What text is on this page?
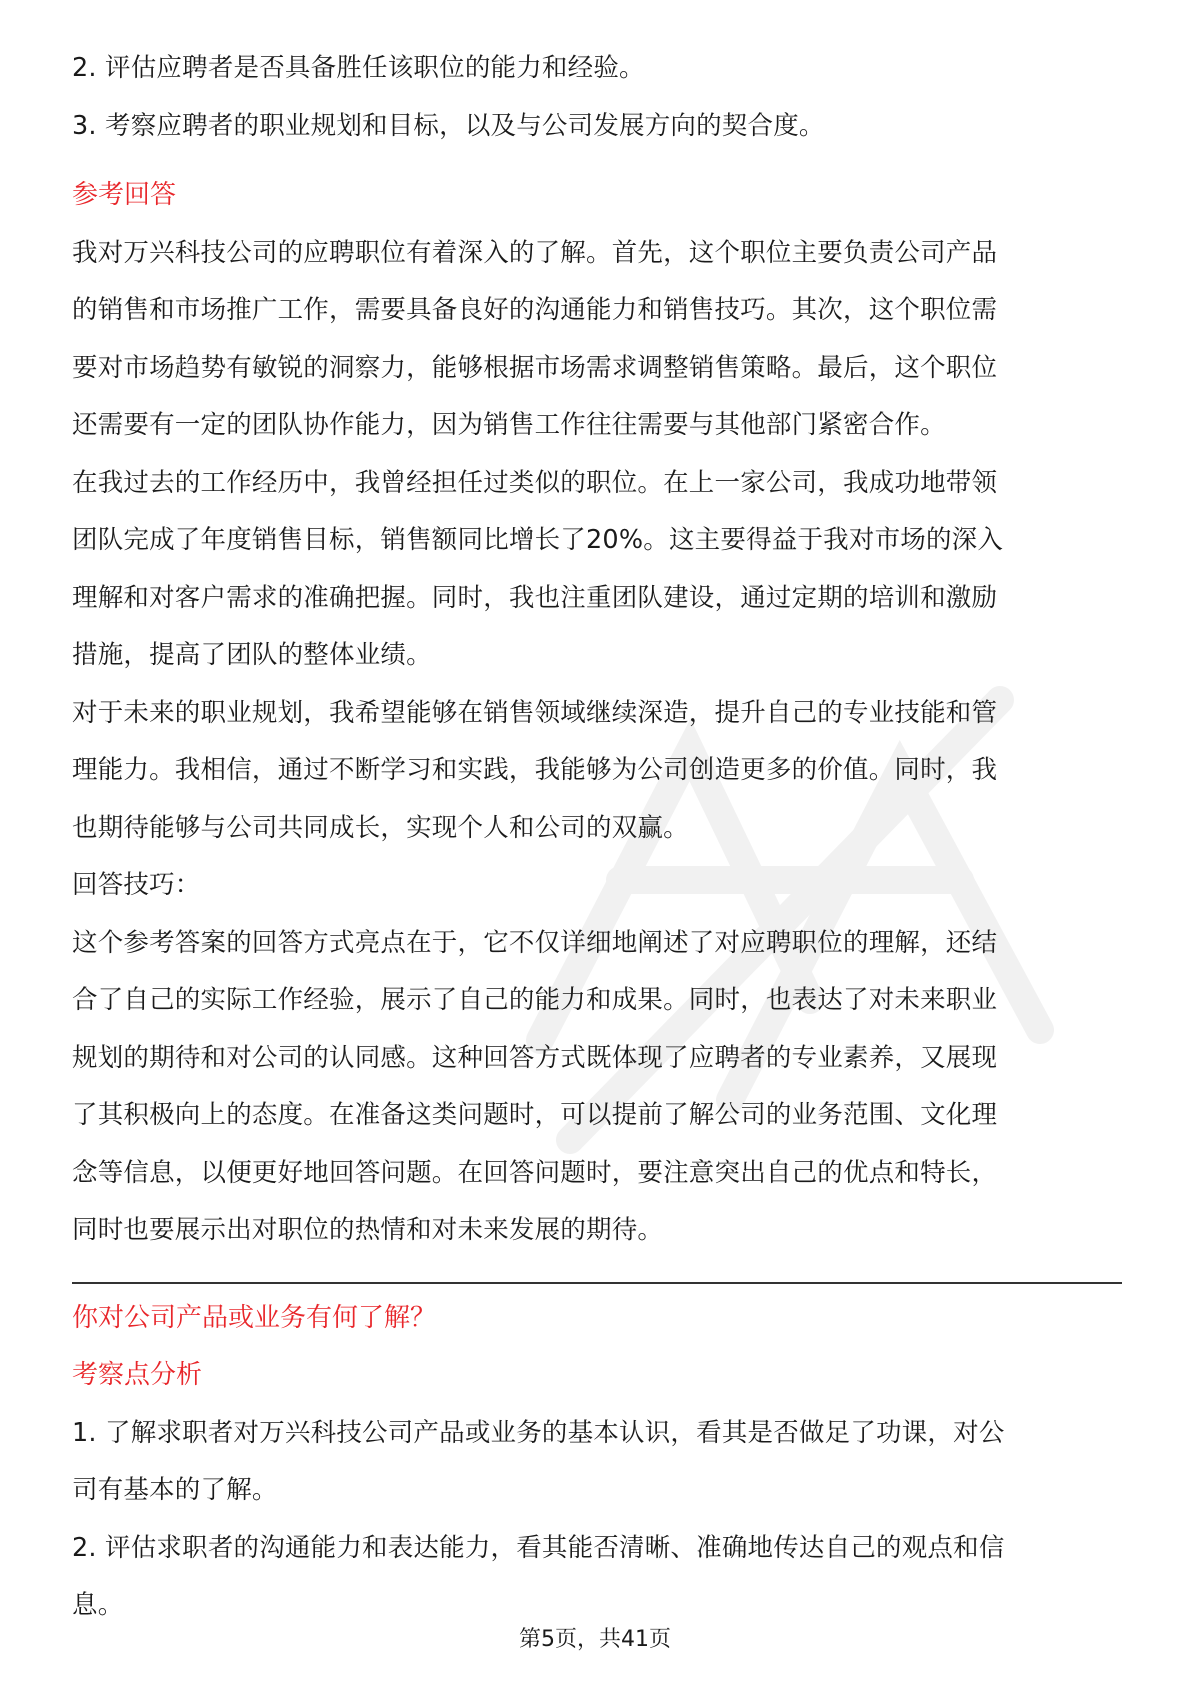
2. 评估应聘者是否具备胜任该职位的能力和经验。
3. 考察应聘者的职业规划和目标，以及与公司发展方向的契合度。
参考回答
我对万兴科技公司的应聘职位有着深入的了解。首先，这个职位主要负责公司产品
的销售和市场推广工作，需要具备良好的沟通能力和销售技巧。其次，这个职位需
要对市场趋势有敏锐的洞察力，能够根据市场需求调整销售策略。最后，这个职位
还需要有一定的团队协作能力，因为销售工作往往需要与其他部门紧密合作。
在我过去的工作经历中，我曾经担任过类似的职位。在上一家公司，我成功地带领
团队完成了年度销售目标，销售额同比增长了20%。这主要得益于我对市场的深入
理解和对客户需求的准确把握。同时，我也注重团队建设，通过定期的培训和激励
措施，提高了团队的整体业绩。
对于未来的职业规划，我希望能够在销售领域继续深造，提升自己的专业技能和管
理能力。我相信，通过不断学习和实践，我能够为公司创造更多的价值。同时，我
也期待能够与公司共同成长，实现个人和公司的双赢。
回答技巧：
这个参考答案的回答方式亮点在于，它不仅详细地阐述了对应聘职位的理解，还结
合了自己的实际工作经验，展示了自己的能力和成果。同时，也表达了对未来职业
规划的期待和对公司的认同感。这种回答方式既体现了应聘者的专业素养，又展现
了其积极向上的态度。在准备这类问题时，可以提前了解公司的业务范围、文化理
念等信息，以便更好地回答问题。在回答问题时，要注意突出自己的优点和特长，
同时也要展示出对职位的热情和对未来发展的期待。
你对公司产品或业务有何了解？
考察点分析
1. 了解求职者对万兴科技公司产品或业务的基本认识，看其是否做足了功课，对公
司有基本的了解。
2. 评估求职者的沟通能力和表达能力，看其能否清晰、准确地传达自己的观点和信
息。
第5页，共41页
